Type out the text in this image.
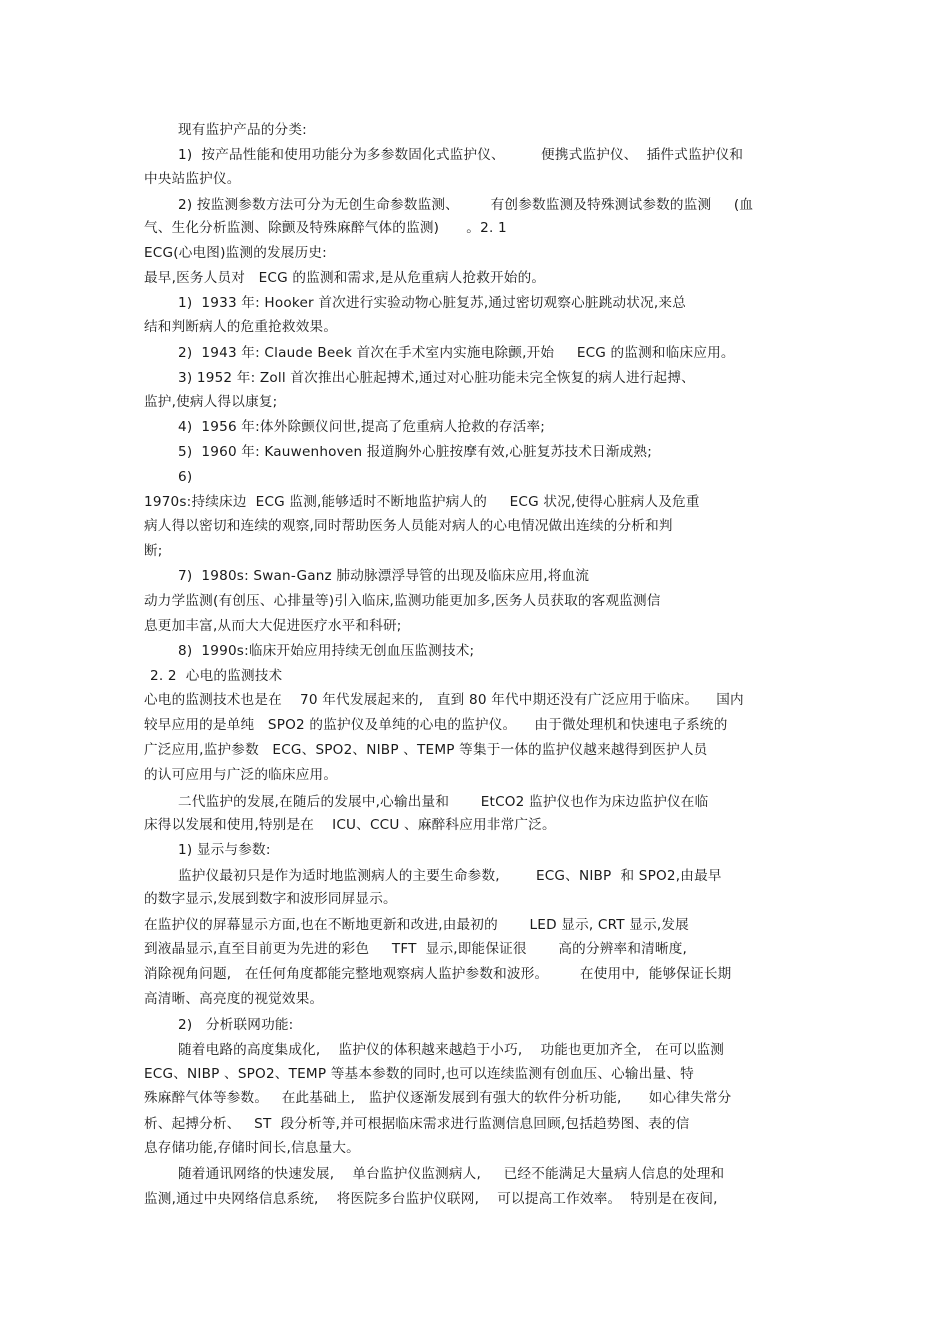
现有监护产品的分类:
1)  按产品性能和使用功能分为多参数固化式监护仪、        便携式监护仪、  插件式监护仪和
中央站监护仪。
2) 按监测参数方法可分为无创生命参数监测、       有创参数监测及特殊测试参数的监测     (血
气、生化分析监测、除颤及特殊麻醉气体的监测)      。2. 1
ECG(心电图)监测的发展历史:
最早,医务人员对   ECG 的监测和需求,是从危重病人抢救开始的。
1)  1933 年: Hooker 首次进行实验动物心脏复苏,通过密切观察心脏跳动状况,来总
结和判断病人的危重抢救效果。
2)  1943 年: Claude Beek 首次在手术室内实施电除颤,开始     ECG 的监测和临床应用。
3) 1952 年: Zoll 首次推出心脏起搏术,通过对心脏功能未完全恢复的病人进行起搏、
监护,使病人得以康复;
4)  1956 年:体外除颤仪问世,提高了危重病人抢救的存活率;
5)  1960 年: Kauwenhoven 报道胸外心脏按摩有效,心脏复苏技术日渐成熟;
6)
1970s:持续床边  ECG 监测,能够适时不断地监护病人的     ECG 状况,使得心脏病人及危重
病人得以密切和连续的观察,同时帮助医务人员能对病人的心电情况做出连续的分析和判
断;
7)  1980s: Swan-Ganz 肺动脉漂浮导管的出现及临床应用,将血流
动力学监测(有创压、心排量等)引入临床,监测功能更加多,医务人员获取的客观监测信
息更加丰富,从而大大促进医疗水平和科研;
8)  1990s:临床开始应用持续无创血压监测技术;
2. 2  心电的监测技术
心电的监测技术也是在    70 年代发展起来的,   直到 80 年代中期还没有广泛应用于临床。    国内
较早应用的是单纯   SPO2 的监护仪及单纯的心电的监护仪。    由于微处理机和快速电子系统的
广泛应用,监护参数   ECG、SPO2、NIBP 、TEMP 等集于一体的监护仪越来越得到医护人员
的认可应用与广泛的临床应用。
二代监护的发展,在随后的发展中,心输出量和       EtCO2 监护仪也作为床边监护仪在临
床得以发展和使用,特别是在    ICU、CCU 、麻醉科应用非常广泛。
1) 显示与参数:
监护仪最初只是作为适时地监测病人的主要生命参数,        ECG、NIBP  和 SPO2,由最早
的数字显示,发展到数字和波形同屏显示。
在监护仪的屏幕显示方面,也在不断地更新和改进,由最初的       LED 显示, CRT 显示,发展
到液晶显示,直至目前更为先进的彩色     TFT  显示,即能保证很       高的分辨率和清晰度,
消除视角问题,   在任何角度都能完整地观察病人监护参数和波形。       在使用中,  能够保证长期
高清晰、高亮度的视觉效果。
2)   分析联网功能:
随着电路的高度集成化,    监护仪的体积越来越趋于小巧,    功能也更加齐全,   在可以监测
ECG、NIBP 、SPO2、TEMP 等基本参数的同时,也可以连续监测有创血压、心输出量、特
殊麻醉气体等参数。   在此基础上,   监护仪逐渐发展到有强大的软件分析功能,      如心律失常分
析、起搏分析、   ST  段分析等,并可根据临床需求进行监测信息回顾,包括趋势图、表的信
息存储功能,存储时间长,信息量大。
随着通讯网络的快速发展,    单台监护仪监测病人,     已经不能满足大量病人信息的处理和
监测,通过中央网络信息系统,    将医院多台监护仪联网,    可以提高工作效率。  特别是在夜间,
